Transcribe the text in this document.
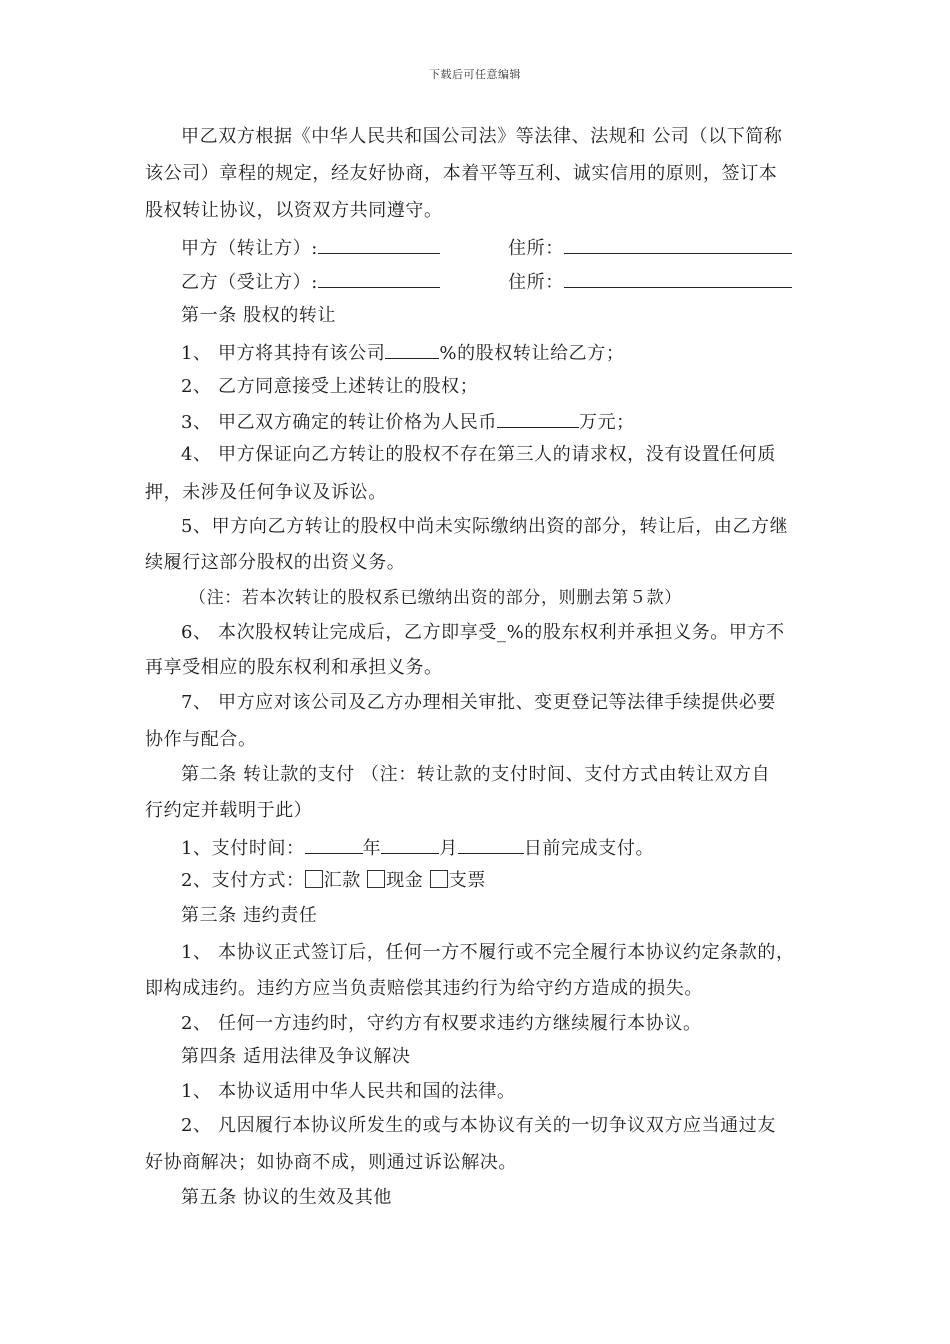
下载后可任意编辑
甲乙双方根据《中华人民共和国公司法》等法律、法规和 公司（以下简称
该公司）章程的规定，经友好协商，本着平等互利、诚实信用的原则，签订本
股权转让协议，以资双方共同遵守。
甲方（转让方）:	住所：
乙方（受让方）:	住所：
第一条 股权的转让
1、 甲方将其持有该公司	%的股权转让给乙方；
2、 乙方同意接受上述转让的股权；
3、 甲乙双方确定的转让价格为人民币	万元；
4、 甲方保证向乙方转让的股权不存在第三人的请求权，没有设置任何质
押，未涉及任何争议及诉讼。
5、甲方向乙方转让的股权中尚未实际缴纳出资的部分，转让后，由乙方继
续履行这部分股权的出资义务。
（注：若本次转让的股权系已缴纳出资的部分，则删去第５款）
6、 本次股权转让完成后，乙方即享受_%的股东权利并承担义务。甲方不
再享受相应的股东权利和承担义务。
7、 甲方应对该公司及乙方办理相关审批、变更登记等法律手续提供必要
协作与配合。
第二条 转让款的支付 （注：转让款的支付时间、支付方式由转让双方自
行约定并载明于此）
1、支付时间：	年	月	日前完成支付。
2、支付方式： 汇款 现金 支票
第三条 违约责任
1、 本协议正式签订后，任何一方不履行或不完全履行本协议约定条款的，
即构成违约。违约方应当负责赔偿其违约行为给守约方造成的损失。
2、 任何一方违约时，守约方有权要求违约方继续履行本协议。
第四条 适用法律及争议解决
1、 本协议适用中华人民共和国的法律。
2、 凡因履行本协议所发生的或与本协议有关的一切争议双方应当通过友
好协商解决；如协商不成，则通过诉讼解决。
第五条 协议的生效及其他
